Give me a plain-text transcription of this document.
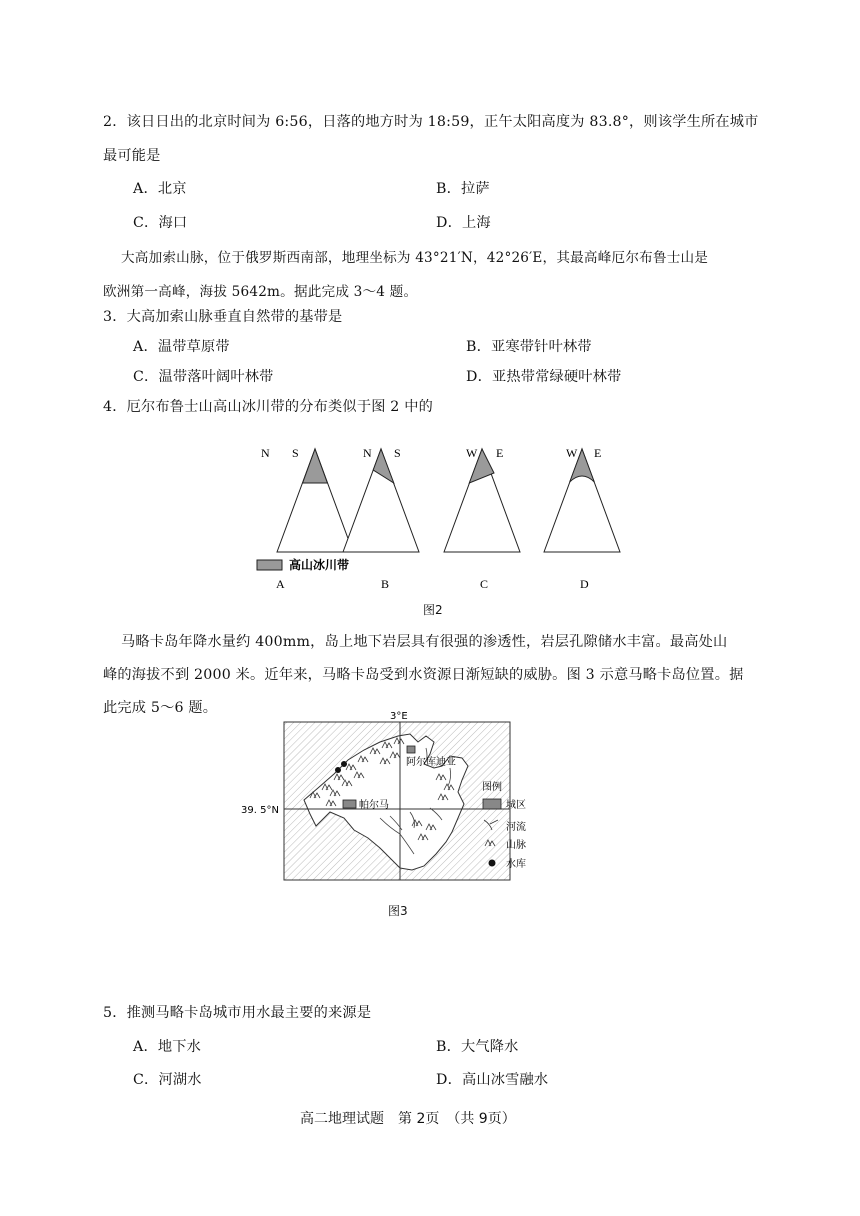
2．该日日出的北京时间为 6:56，日落的地方时为 18:59，正午太阳高度为 83.8°，则该学生所在城市
最可能是
A．北京	B．拉萨
C．海口	D．上海
大高加索山脉，位于俄罗斯西南部，地理坐标为 43°21′N，42°26′E，其最高峰厄尔布鲁士山是
欧洲第一高峰，海拔 5642m。据此完成 3～4 题。
3．大高加索山脉垂直自然带的基带是
A．温带草原带	B．亚寒带针叶林带
C．温带落叶阔叶林带	D．亚热带常绿硬叶林带
4．厄尔布鲁士山高山冰川带的分布类似于图 2 中的
N S	N S	W E	W E
高山冰川带
A	B	C	D
图2
马略卡岛年降水量约 400mm，岛上地下岩层具有很强的渗透性，岩层孔隙储水丰富。最高处山
峰的海拔不到 2000 米。近年来，马略卡岛受到水资源日渐短缺的威胁。图 3 示意马略卡岛位置。据
此完成 5～6 题。
3°E
39. 5°N
阿尔库迪亚
帕尔马
图例
城区
河流
山脉
水库
图3
5．推测马略卡岛城市用水最主要的来源是
A．地下水	B．大气降水
C．河湖水	D．高山冰雪融水
高二地理试题　第 2页　（共 9页）
